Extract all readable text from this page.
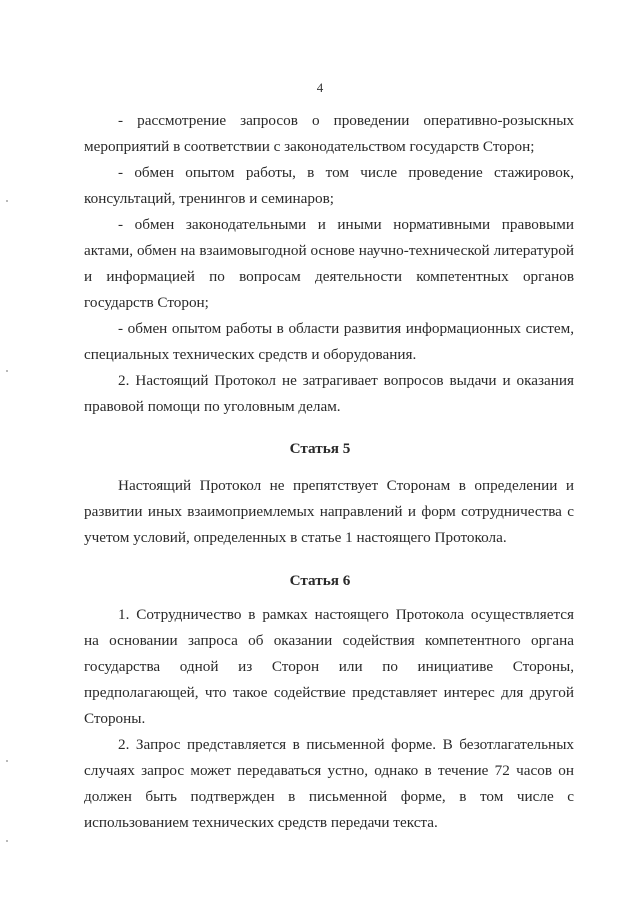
4

- рассмотрение запросов о проведении оперативно-розыскных мероприятий в соответствии с законодательством государств Сторон;

- обмен опытом работы, в том числе проведение стажировок, консультаций, тренингов и семинаров;

- обмен законодательными и иными нормативными правовыми актами, обмен на взаимовыгодной основе научно-технической литературой и информацией по вопросам деятельности компетентных органов государств Сторон;

- обмен опытом работы в области развития информационных систем, специальных технических средств и оборудования.

2. Настоящий Протокол не затрагивает вопросов выдачи и оказания правовой помощи по уголовным делам.

Статья 5

Настоящий Протокол не препятствует Сторонам в определении и развитии иных взаимоприемлемых направлений и форм сотрудничества с учетом условий, определенных в статье 1 настоящего Протокола.

Статья 6

1. Сотрудничество в рамках настоящего Протокола осуществляется на основании запроса об оказании содействия компетентного органа государства одной из Сторон или по инициативе Стороны, предполагающей, что такое содействие представляет интерес для другой Стороны.

2. Запрос представляется в письменной форме. В безотлагательных случаях запрос может передаваться устно, однако в течение 72 часов он должен быть подтвержден в письменной форме, в том числе с использованием технических средств передачи текста.
